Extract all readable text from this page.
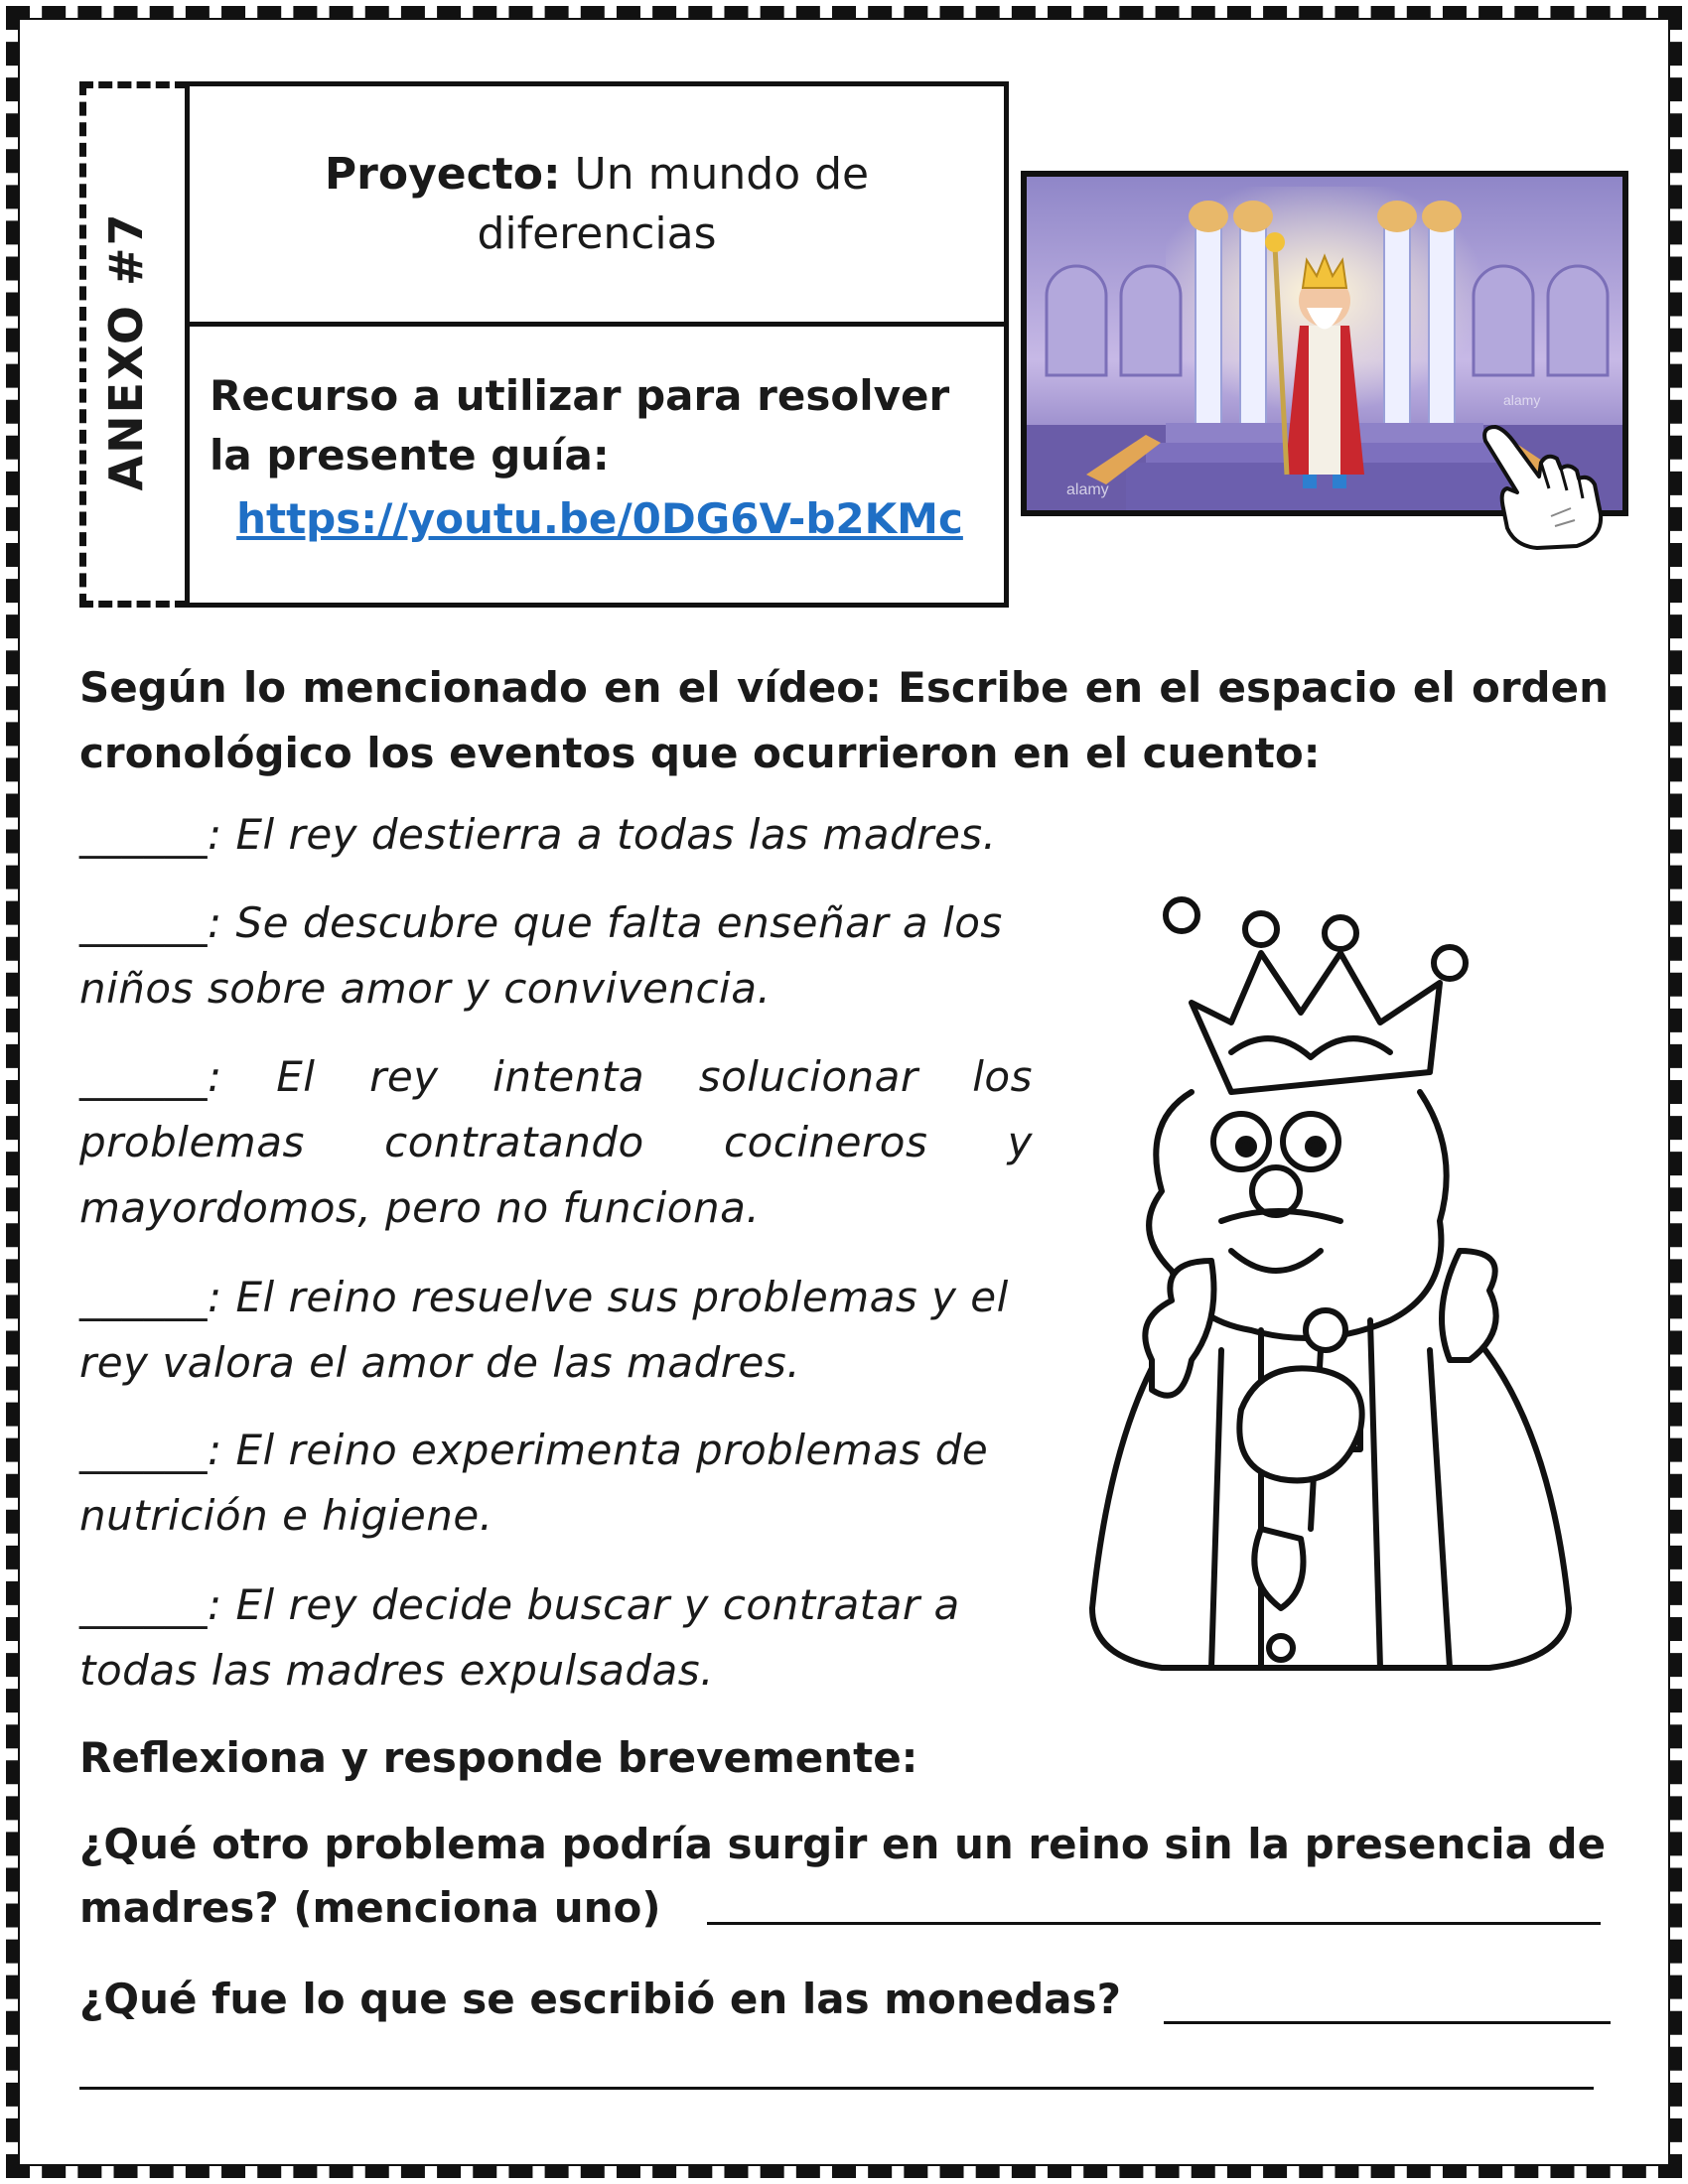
ANEXO #7

Proyecto: Un mundo de diferencias

Recurso a utilizar para resolver la presente guía:

https://youtu.be/0DG6V-b2KMc
alamy
alamy

Según lo mencionado en el vídeo: Escribe en el espacio el orden cronológico los eventos que ocurrieron en el cuento:

______: El rey destierra a todas las madres.

______: Se descubre que falta enseñar a los niños sobre amor y convivencia.

______: El rey intenta solucionar los problemas contratando cocineros y mayordomos, pero no funciona.

______: El reino resuelve sus problemas y el rey valora el amor de las madres.

______: El reino experimenta problemas de nutrición e higiene.

______: El rey decide buscar y contratar a todas las madres expulsadas.

Reflexiona y responde brevemente:

¿Qué otro problema podría surgir en un reino sin la presencia de madres? (menciona uno)

¿Qué fue lo que se escribió en las monedas?
